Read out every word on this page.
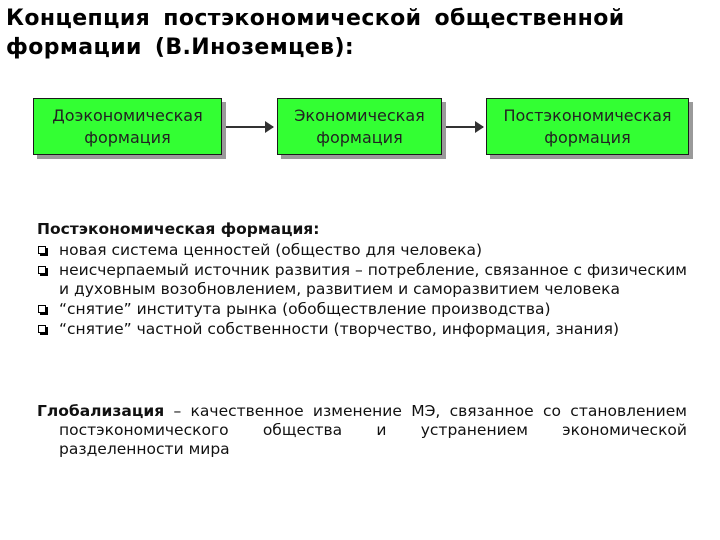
Концепция постэкономической общественной формации (В.Иноземцев):
Доэкономическая
формация
Экономическая
формация
Постэкономическая
формация
Постэкономическая формация:
новая система ценностей (общество для человека)
неисчерпаемый источник развития – потребление, связанное с физическим и духовным возобновлением, развитием и саморазвитием человека
“снятие” института рынка (обобществление производства)
“снятие” частной собственности (творчество, информация, знания)

Глобализация – качественное изменение МЭ, связанное со становлением постэкономического общества и устранением экономической разделенности мира
